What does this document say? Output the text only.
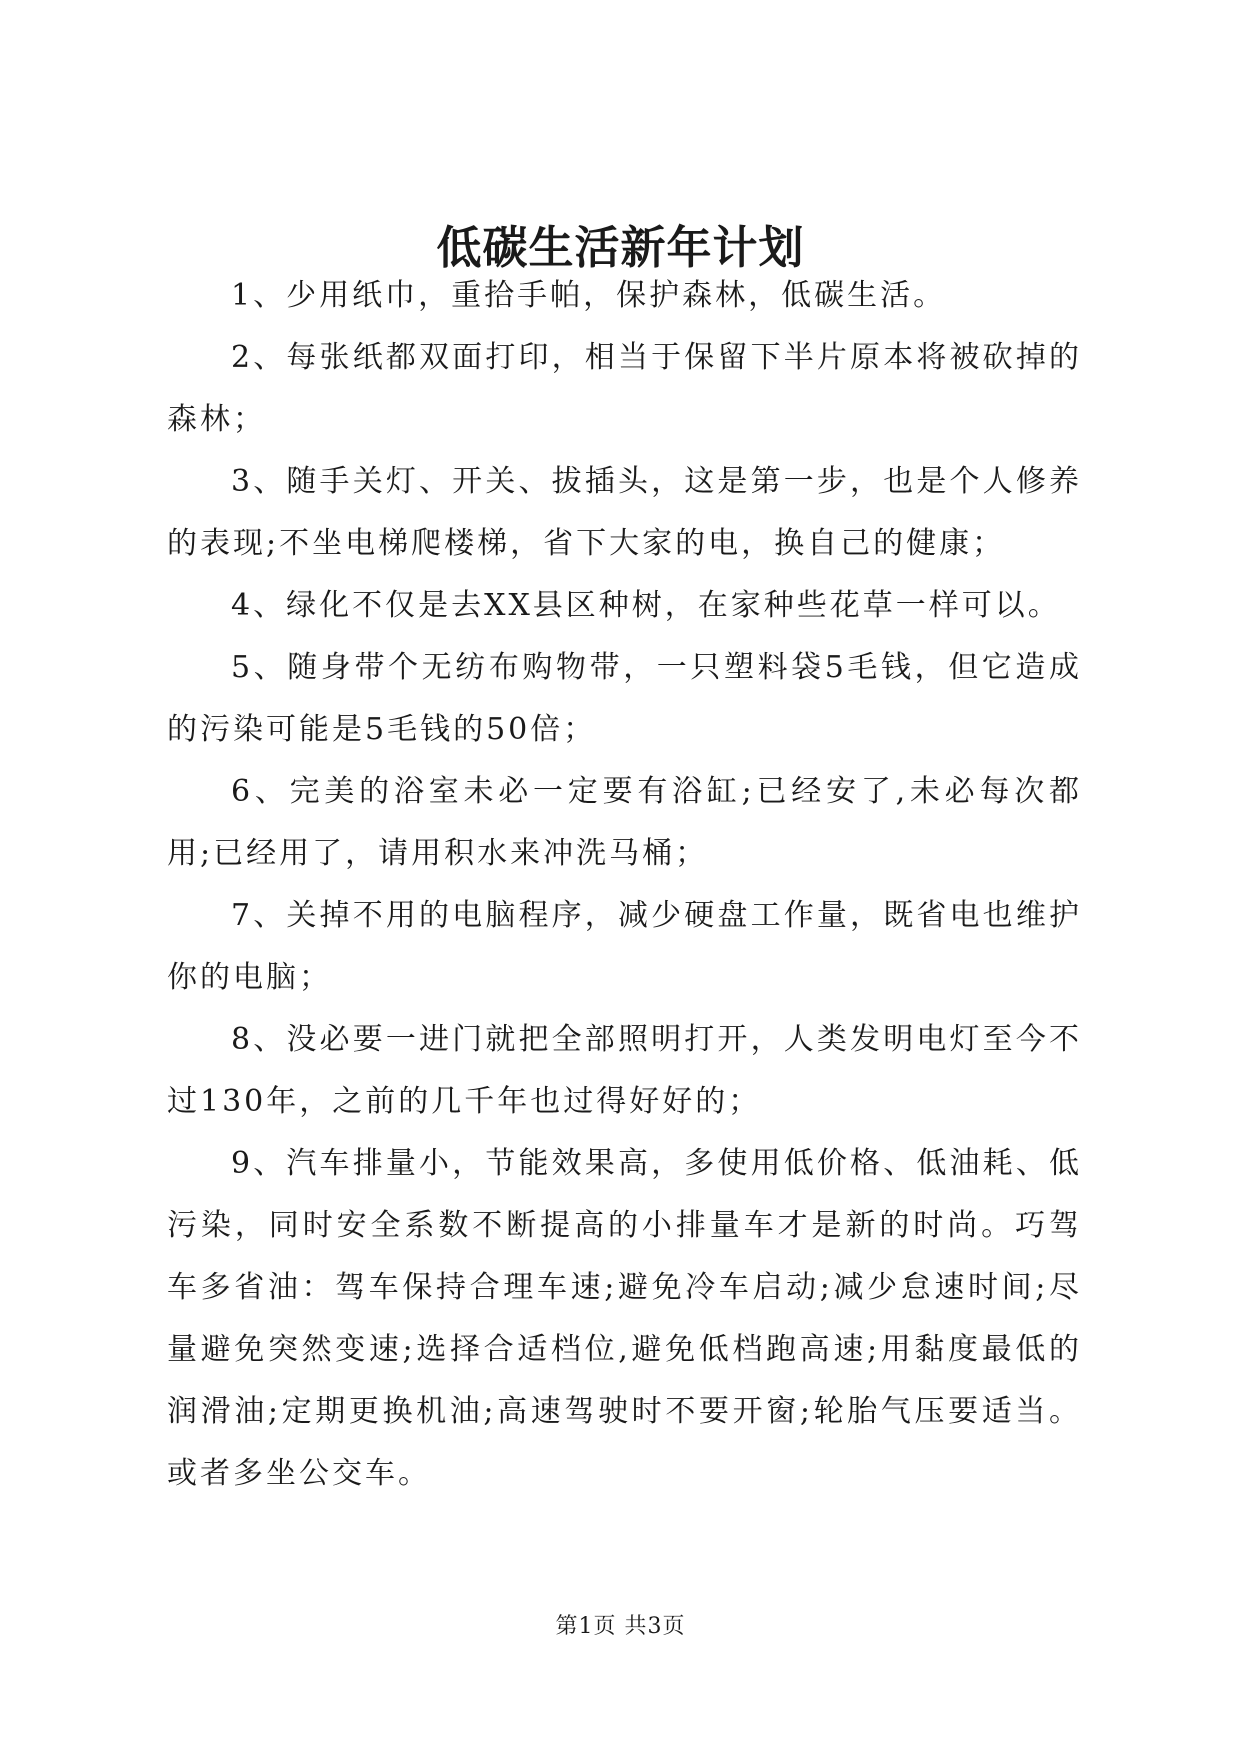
低碳生活新年计划

1、少用纸巾，重拾手帕，保护森林，低碳生活。

2、每张纸都双面打印，相当于保留下半片原本将被砍掉的森林；

3、随手关灯、开关、拔插头，这是第一步，也是个人修养的表现;不坐电梯爬楼梯，省下大家的电，换自己的健康；

4、绿化不仅是去XX县区种树，在家种些花草一样可以。

5、随身带个无纺布购物带，一只塑料袋5毛钱，但它造成的污染可能是5毛钱的50倍；

6、完美的浴室未必一定要有浴缸;已经安了,未必每次都用;已经用了，请用积水来冲洗马桶；

7、关掉不用的电脑程序，减少硬盘工作量，既省电也维护你的电脑；

8、没必要一进门就把全部照明打开，人类发明电灯至今不过130年，之前的几千年也过得好好的；

9、汽车排量小，节能效果高，多使用低价格、低油耗、低污染，同时安全系数不断提高的小排量车才是新的时尚。巧驾车多省油：驾车保持合理车速;避免冷车启动;减少怠速时间;尽量避免突然变速;选择合适档位,避免低档跑高速;用黏度最低的润滑油;定期更换机油;高速驾驶时不要开窗;轮胎气压要适当。或者多坐公交车。

第1页 共3页
